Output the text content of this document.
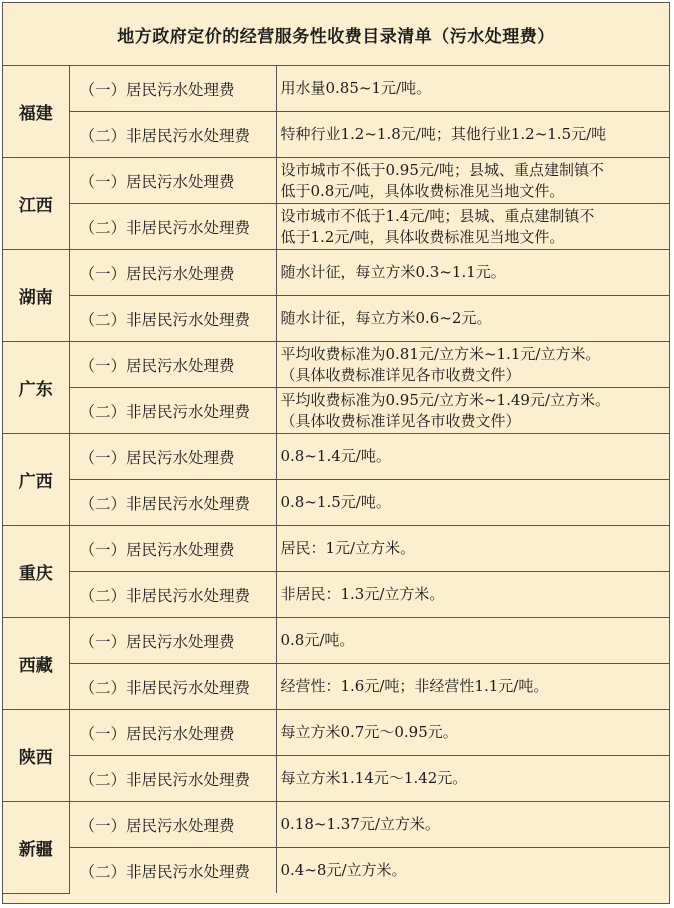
地方政府定价的经营服务性收费目录清单（污水处理费）
福建	（一）居民污水处理费	用水量0.85~1元/吨。
	（二）非居民污水处理费	特种行业1.2~1.8元/吨；其他行业1.2~1.5元/吨
江西	（一）居民污水处理费	设市城市不低于0.95元/吨；县城、重点建制镇不
低于0.8元/吨，具体收费标准见当地文件。
	（二）非居民污水处理费	设市城市不低于1.4元/吨；县城、重点建制镇不
低于1.2元/吨，具体收费标准见当地文件。
湖南	（一）居民污水处理费	随水计征，每立方米0.3~1.1元。
	（二）非居民污水处理费	随水计征，每立方米0.6~2元。
广东	（一）居民污水处理费	平均收费标准为0.81元/立方米~1.1元/立方米。
（具体收费标准详见各市收费文件）
	（二）非居民污水处理费	平均收费标准为0.95元/立方米~1.49元/立方米。
（具体收费标准详见各市收费文件）
广西	（一）居民污水处理费	0.8~1.4元/吨。
	（二）非居民污水处理费	0.8~1.5元/吨。
重庆	（一）居民污水处理费	居民：1元/立方米。
	（二）非居民污水处理费	非居民：1.3元/立方米。
西藏	（一）居民污水处理费	0.8元/吨。
	（二）非居民污水处理费	经营性：1.6元/吨；非经营性1.1元/吨。
陕西	（一）居民污水处理费	每立方米0.7元～0.95元。
	（二）非居民污水处理费	每立方米1.14元～1.42元。
新疆	（一）居民污水处理费	0.18~1.37元/立方米。
	（二）非居民污水处理费	0.4~8元/立方米。
